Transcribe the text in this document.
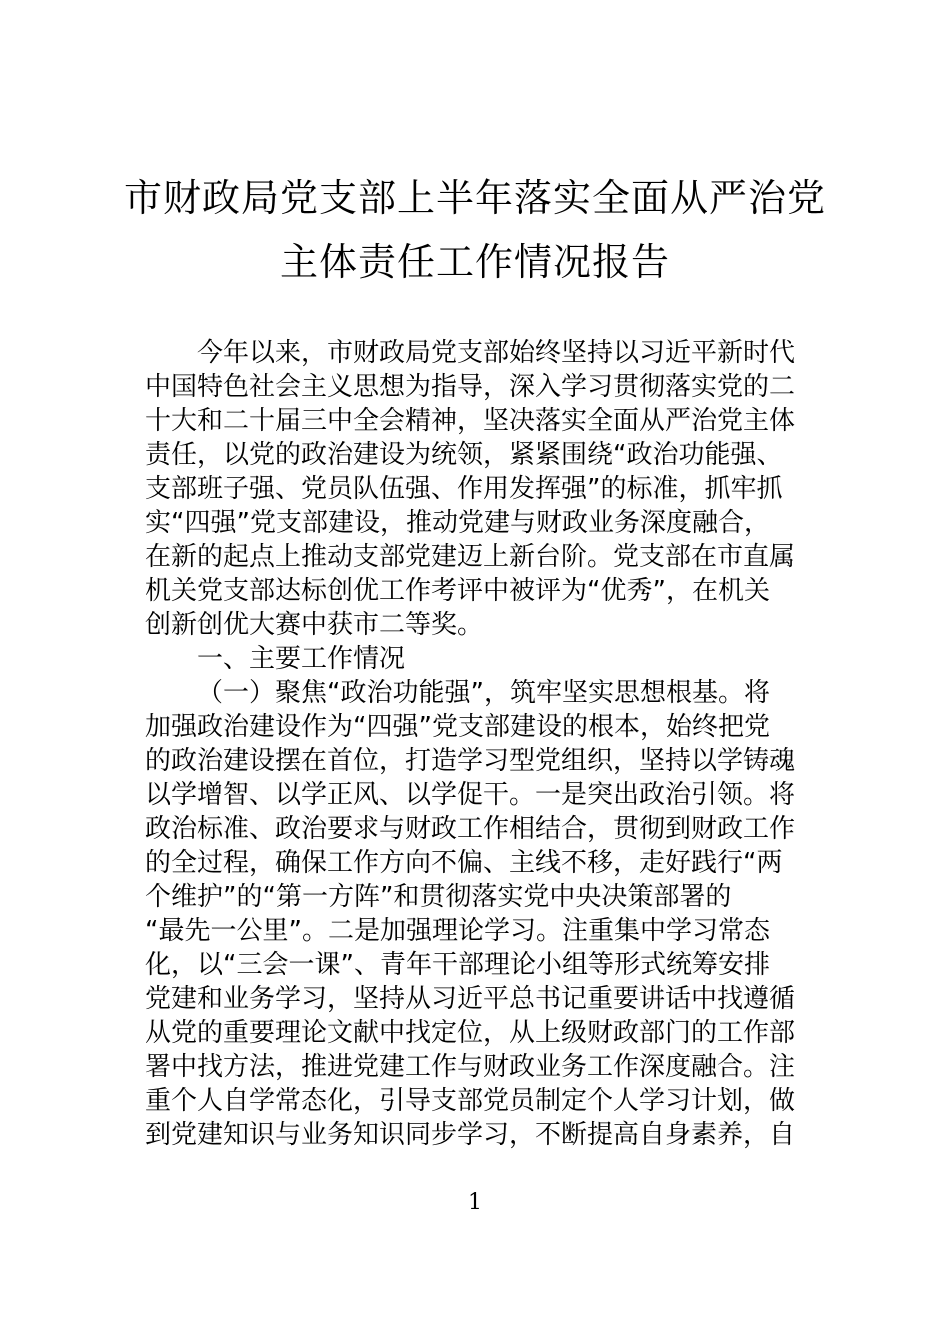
市财政局党支部上半年落实全面从严治党
主体责任工作情况报告
今年以来，市财政局党支部始终坚持以习近平新时代
中国特色社会主义思想为指导，深入学习贯彻落实党的二
十大和二十届三中全会精神，坚决落实全面从严治党主体
责任，以党的政治建设为统领，紧紧围绕“政治功能强、
支部班子强、党员队伍强、作用发挥强”的标准，抓牢抓
实“四强”党支部建设，推动党建与财政业务深度融合，
在新的起点上推动支部党建迈上新台阶。党支部在市直属
机关党支部达标创优工作考评中被评为“优秀”，在机关
创新创优大赛中获市二等奖。
一、主要工作情况
（一）聚焦“政治功能强”，筑牢坚实思想根基。将
加强政治建设作为“四强”党支部建设的根本，始终把党
的政治建设摆在首位，打造学习型党组织，坚持以学铸魂
以学增智、以学正风、以学促干。一是突出政治引领。将
政治标准、政治要求与财政工作相结合，贯彻到财政工作
的全过程，确保工作方向不偏、主线不移，走好践行“两
个维护”的“第一方阵”和贯彻落实党中央决策部署的
“最先一公里”。二是加强理论学习。注重集中学习常态
化，以“三会一课”、青年干部理论小组等形式统筹安排
党建和业务学习，坚持从习近平总书记重要讲话中找遵循
从党的重要理论文献中找定位，从上级财政部门的工作部
署中找方法，推进党建工作与财政业务工作深度融合。注
重个人自学常态化，引导支部党员制定个人学习计划，做
到党建知识与业务知识同步学习，不断提高自身素养，自
1
